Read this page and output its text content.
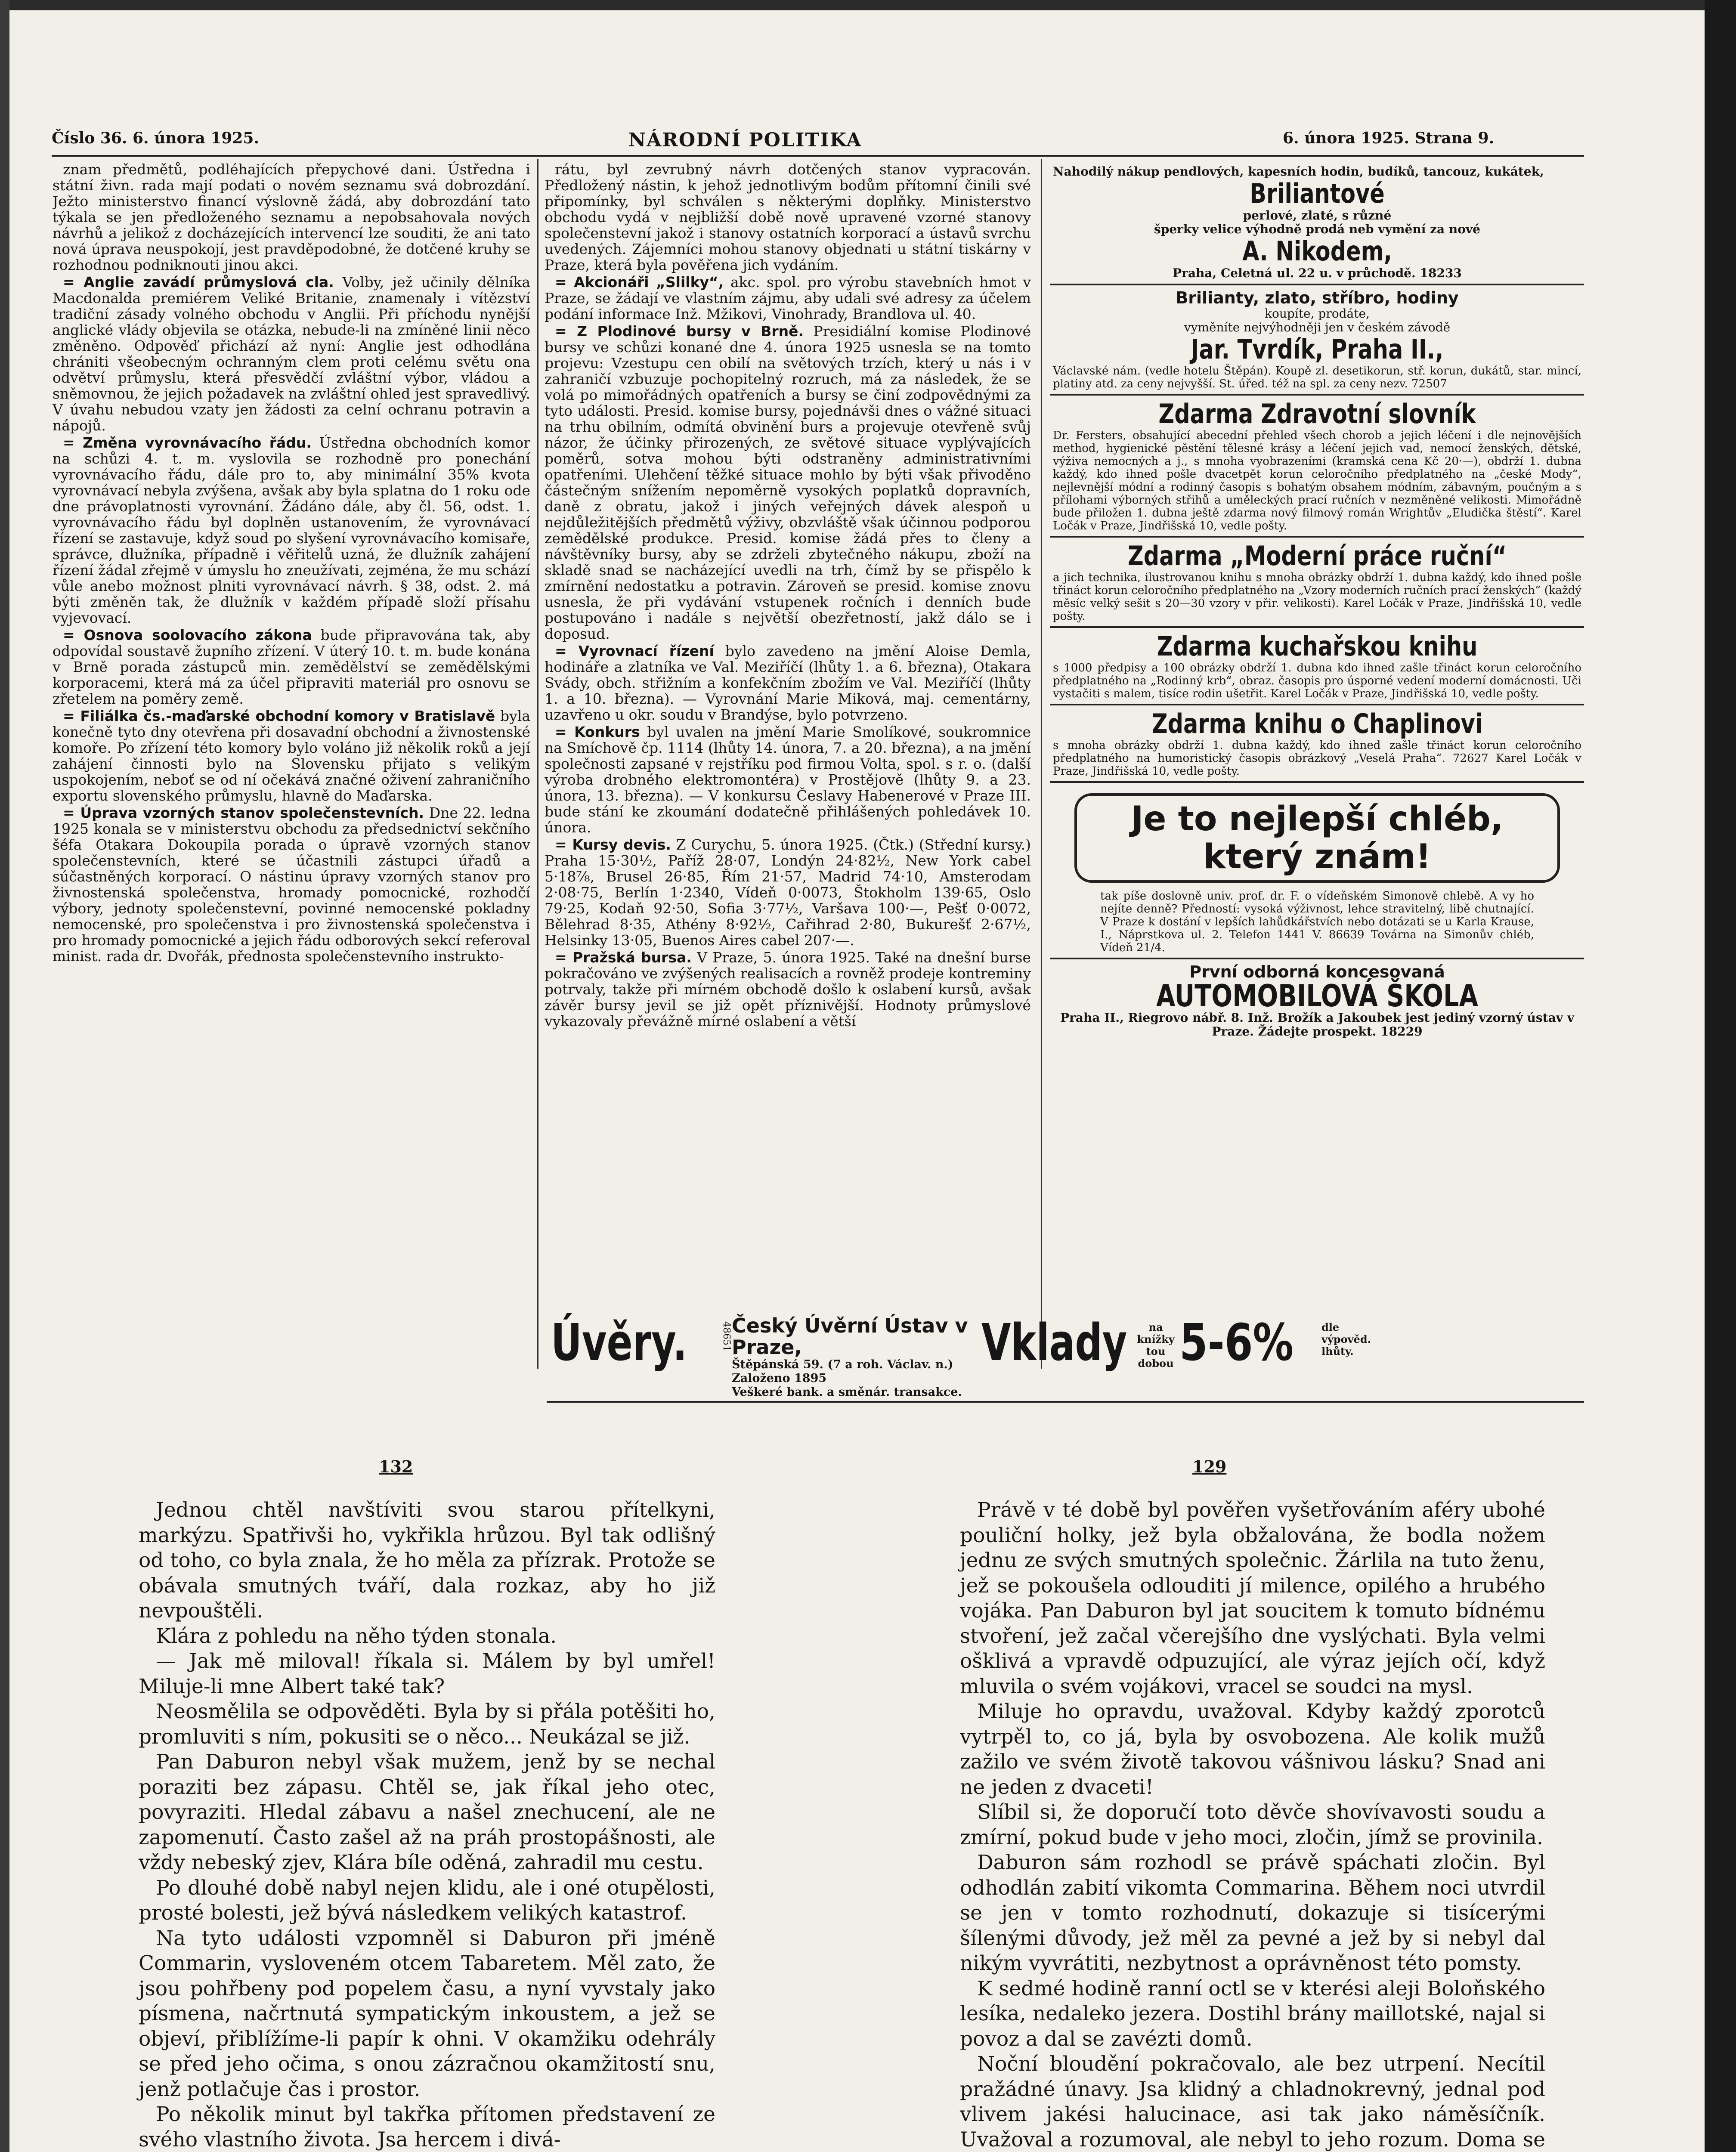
Číslo 36. 6. února 1925.	NÁRODNÍ POLITIKA	6. února 1925. Strana 9.

znam předmětů, podléhajících přepychové dani. Ústředna i státní živn. rada mají podati o novém seznamu svá dobrozdání. Ježto ministerstvo financí výslovně žádá, aby dobrozdání tato týkala se jen předloženého seznamu a nepobsahovala nových návrhů a jelikož z docházejících intervencí lze souditi, že ani tato nová úprava neuspokojí, jest pravděpodobné, že dotčené kruhy se rozhodnou podniknouti jinou akci.

= Anglie zavádí průmyslová cla. Volby, jež učinily dělníka Macdonalda premiérem Veliké Britanie, znamenaly i vítězství tradiční zásady volného obchodu v Anglii. Při příchodu nynější anglické vlády objevila se otázka, nebude-li na zmíněné linii něco změněno. Odpověď přichází až nyní: Anglie jest odhodlána chrániti všeobecným ochranným clem proti celému světu ona odvětví průmyslu, která přesvědčí zvláštní výbor, vládou a sněmovnou, že jejich požadavek na zvláštní ohled jest spravedlivý. V úvahu nebudou vzaty jen žádosti za celní ochranu potravin a nápojů.

= Změna vyrovnávacího řádu. Ústředna obchodních komor na schůzi 4. t. m. vyslovila se rozhodně pro ponechání vyrovnávacího řádu, dále pro to, aby minimální 35% kvota vyrovnávací nebyla zvýšena, avšak aby byla splatna do 1 roku ode dne právoplatnosti vyrovnání. Žádáno dále, aby čl. 56, odst. 1. vyrovnávacího řádu byl doplněn ustanovením, že vyrovnávací řízení se zastavuje, když soud po slyšení vyrovnávacího komisaře, správce, dlužníka, případně i věřitelů uzná, že dlužník zahájení řízení žádal zřejmě v úmyslu ho zneužívati, zejména, že mu schází vůle anebo možnost plniti vyrovnávací návrh. § 38, odst. 2. má býti změněn tak, že dlužník v každém případě složí přísahu vyjevovací.

= Osnova soolovacího zákona bude připravována tak, aby odpovídal soustavě župního zřízení. V úterý 10. t. m. bude konána v Brně porada zástupců min. zemědělství se zemědělskými korporacemi, která má za účel připraviti materiál pro osnovu se zřetelem na poměry země.

= Filiálka čs.-maďarské obchodní komory v Bratislavě byla konečně tyto dny otevřena při dosavadní obchodní a živnostenské komoře. Po zřízení této komory bylo voláno již několik roků a její zahájení činnosti bylo na Slovensku přijato s velikým uspokojením, neboť se od ní očekává značné oživení zahraničního exportu slovenského průmyslu, hlavně do Maďarska.

= Úprava vzorných stanov společenstevních. Dne 22. ledna 1925 konala se v ministerstvu obchodu za předsednictví sekčního šéfa Otakara Dokoupila porada o úpravě vzorných stanov společenstevních, které se účastnili zástupci úřadů a súčastněných korporací. O nástinu úpravy vzorných stanov pro živnostenská společenstva, hromady pomocnické, rozhodčí výbory, jednoty společenstevní, povinné nemocenské pokladny nemocenské, pro společenstva i pro živnostenská společenstva i pro hromady pomocnické a jejich řádu odborových sekcí referoval minist. rada dr. Dvořák, přednosta společenstevního instrukto-

rátu, byl zevrubný návrh dotčených stanov vypracován. Předložený nástin, k jehož jednotlivým bodům přítomní činili své připomínky, byl schválen s některými doplňky. Ministerstvo obchodu vydá v nejbližší době nově upravené vzorné stanovy společenstevní jakož i stanovy ostatních korporací a ústavů svrchu uvedených. Zájemníci mohou stanovy objednati u státní tiskárny v Praze, která byla pověřena jich vydáním.

= Akcionáři „Slilky“, akc. spol. pro výrobu stavebních hmot v Praze, se žádají ve vlastním zájmu, aby udali své adresy za účelem podání informace Inž. Mžikovi, Vinohrady, Brandlova ul. 40.

= Z Plodinové bursy v Brně. Presidiální komise Plodinové bursy ve schůzi konané dne 4. února 1925 usnesla se na tomto projevu: Vzestupu cen obilí na světových trzích, který u nás i v zahraničí vzbuzuje pochopitelný rozruch, má za následek, že se volá po mimořádných opatřeních a bursy se činí zodpovědnými za tyto události. Presid. komise bursy, pojednávši dnes o vážné situaci na trhu obilním, odmítá obvinění burs a projevuje otevřeně svůj názor, že účinky přirozených, ze světové situace vyplývajících poměrů, sotva mohou býti odstraněny administrativními opatřeními. Ulehčení těžké situace mohlo by býti však přivoděno částečným snížením nepoměrně vysokých poplatků dopravních, daně z obratu, jakož i jiných veřejných dávek alespoň u nejdůležitějších předmětů výživy, obzvláště však účinnou podporou zemědělské produkce. Presid. komise žádá přes to členy a návštěvníky bursy, aby se zdrželi zbytečného nákupu, zboží na skladě snad se nacházející uvedli na trh, čímž by se přispělo k zmírnění nedostatku a potravin. Zároveň se presid. komise znovu usnesla, že při vydávání vstupenek ročních i denních bude postupováno i nadále s největší obezřetností, jakž dálo se i doposud.

= Vyrovnací řízení bylo zavedeno na jmění Aloise Demla, hodináře a zlatníka ve Val. Meziříčí (lhůty 1. a 6. března), Otakara Svády, obch. střižním a konfekčním zbožím ve Val. Meziříčí (lhůty 1. a 10. března). — Vyrovnání Marie Miková, maj. cementárny, uzavřeno u okr. soudu v Brandýse, bylo potvrzeno.

= Konkurs byl uvalen na jmění Marie Smolíkové, soukromnice na Smíchově čp. 1114 (lhůty 14. února, 7. a 20. března), a na jmění společnosti zapsané v rejstříku pod firmou Volta, spol. s r. o. (další výroba drobného elektromontéra) v Prostějově (lhůty 9. a 23. února, 13. března). — V konkursu Česlavy Habenerové v Praze III. bude stání ke zkoumání dodatečně přihlášených pohledávek 10. února.

= Kursy devis. Z Curychu, 5. února 1925. (Čtk.) (Střední kursy.) Praha 15·30½, Paříž 28·07, Londýn 24·82½, New York cabel 5·18⅞, Brusel 26·85, Řím 21·57, Madrid 74·10, Amsterodam 2·08·75, Berlín 1·2340, Vídeň 0·0073, Štokholm 139·65, Oslo 79·25, Kodaň 92·50, Sofia 3·77½, Varšava 100·—, Pešť 0·0072, Bělehrad 8·35, Athény 8·92½, Cařihrad 2·80, Bukurešť 2·67½, Helsinky 13·05, Buenos Aires cabel 207·—.

= Pražská bursa. V Praze, 5. února 1925. Také na dnešní burse pokračováno ve zvýšených realisacích a rovněž prodeje kontreminy potrvaly, takže při mírném obchodě došlo k oslabení kursů, avšak závěr bursy jevil se již opět příznivější. Hodnoty průmyslové vykazovaly převážně mírné oslabení a větší

Nahodilý nákup pendlových, kapesních hodin, budíků, tancouz, kukátek,
Briliantové
perlové, zlaté, s různé
šperky velice výhodně prodá neb vymění za nové
A. Nikodem,
Praha, Celetná ul. 22 u. v průchodě. 18233
Brilianty, zlato, stříbro, hodiny
koupíte, prodáte,
vyměníte nejvýhodněji jen v českém závodě
Jar. Tvrdík, Praha II.,
Václavské nám. (vedle hotelu Štěpán). Koupě zl. desetikorun, stř. korun, dukátů, star. mincí, platiny atd. za ceny nejvyšší. St. úřed. též na spl. za ceny nezv. 72507
Zdarma Zdravotní slovník
Dr. Fersters, obsahující abecední přehled všech chorob a jejich léčení i dle nejnovějších method, hygienické pěstění tělesné krásy a léčení jejich vad, nemocí ženských, dětské, výživa nemocných a j., s mnoha vyobrazeními (kramská cena Kč 20·—), obdrží 1. dubna každý, kdo ihned pošle dvacetpět korun celoročního předplatného na „české Mody“, nejlevnější módní a rodinný časopis s bohatým obsahem módním, zábavným, poučným a s přílohami výborných střihů a uměleckých prací ručních v nezměněné velikosti. Mimořádně bude přiložen 1. dubna ještě zdarma nový filmový román Wrightův „Eludička štěstí“. Karel Ločák v Praze, Jindřišská 10, vedle pošty.
Zdarma „Moderní práce ruční“
a jich technika, ilustrovanou knihu s mnoha obrázky obdrží 1. dubna každý, kdo ihned pošle třináct korun celoročního předplatného na „Vzory moderních ručních prací ženských“ (každý měsíc velký sešit s 20—30 vzory v přir. velikosti). Karel Ločák v Praze, Jindřišská 10, vedle pošty.
Zdarma kuchařskou knihu
s 1000 předpisy a 100 obrázky obdrží 1. dubna kdo ihned zašle třináct korun celoročního předplatného na „Rodinný krb“, obraz. časopis pro úsporné vedení moderní domácnosti. Uči vystačiti s malem, tisíce rodin ušetřit. Karel Ločák v Praze, Jindřišská 10, vedle pošty.
Zdarma knihu o Chaplinovi
s mnoha obrázky obdrží 1. dubna každý, kdo ihned zašle třináct korun celoročního předplatného na humoristický časopis obrázkový „Veselá Praha“. 72627 Karel Ločák v Praze, Jindřišská 10, vedle pošty.
Je to nejlepší chléb, který znám!
tak píše doslovně univ. prof. dr. F. o vídeňském Simonově chlebě. A vy ho nejíte denně? Předností: vysoká výživnost, lehce stravitelný, libě chutnající. V Praze k dostání v lepších lahůdkářstvích nebo dotázati se u Karla Krause, I., Náprstkova ul. 2. Telefon 1441 V. 86639 Továrna na Simonův chléb, Vídeň 21/4.
První odborná koncesovaná
AUTOMOBILOVÁ ŠKOLA
Praha II., Riegrovo nábř. 8. Inž. Brožík a Jakoubek jest jediný vzorný ústav v Praze. Žádejte prospekt. 18229
Úvěry.	48651 Český Úvěrní Ústav v Praze,
Štěpánská 59. (7 a roh. Václav. n.) Založeno 1895
Veškeré bank. a směnár. transakce.
Vklady	na knížky tou dobou 5-6%	dle výpověd. lhůty.
132	129

Jednou chtěl navštíviti svou starou přítelkyni, markýzu. Spatřivši ho, vykřikla hrůzou. Byl tak odlišný od toho, co byla znala, že ho měla za přízrak. Protože se obávala smutných tváří, dala rozkaz, aby ho již nevpouštěli.

Klára z pohledu na něho týden stonala.

— Jak mě miloval! říkala si. Málem by byl umřel! Miluje-li mne Albert také tak?

Neosmělila se odpověděti. Byla by si přála potěšiti ho, promluviti s ním, pokusiti se o něco... Neukázal se již.

Pan Daburon nebyl však mužem, jenž by se nechal poraziti bez zápasu. Chtěl se, jak říkal jeho otec, povyraziti. Hledal zábavu a našel znechucení, ale ne zapomenutí. Často zašel až na práh prostopášnosti, ale vždy nebeský zjev, Klára bíle oděná, zahradil mu cestu.

Po dlouhé době nabyl nejen klidu, ale i oné otupělosti, prosté bolesti, jež bývá následkem velikých katastrof.

Na tyto události vzpomněl si Daburon při jméně Commarin, vysloveném otcem Tabaretem. Měl zato, že jsou pohřbeny pod popelem času, a nyní vyvstaly jako písmena, načrtnutá sympatickým inkoustem, a jež se objeví, přiblížíme-li papír k ohni. V okamžiku odehrály se před jeho očima, s onou zázračnou okamžitostí snu, jenž potlačuje čas i prostor.

Po několik minut byl takřka přítomen představení ze svého vlastního života. Jsa hercem i divá-

Právě v té době byl pověřen vyšetřováním aféry ubohé pouliční holky, jež byla obžalována, že bodla nožem jednu ze svých smutných společnic. Žárlila na tuto ženu, jež se pokoušela odlouditi jí milence, opilého a hrubého vojáka. Pan Daburon byl jat soucitem k tomuto bídnému stvoření, jež začal včerejšího dne vyslýchati. Byla velmi ošklivá a vpravdě odpuzující, ale výraz jejích očí, když mluvila o svém vojákovi, vracel se soudci na mysl.

Miluje ho opravdu, uvažoval. Kdyby každý zporotců vytrpěl to, co já, byla by osvobozena. Ale kolik mužů zažilo ve svém životě takovou vášnivou lásku? Snad ani ne jeden z dvaceti!

Slíbil si, že doporučí toto děvče shovívavosti soudu a zmírní, pokud bude v jeho moci, zločin, jímž se provinila.

Daburon sám rozhodl se právě spáchati zločin. Byl odhodlán zabití vikomta Commarina. Během noci utvrdil se jen v tomto rozhodnutí, dokazuje si tisícerými šílenými důvody, jež měl za pevné a jež by si nebyl dal nikým vyvrátiti, nezbytnost a oprávněnost této pomsty.

K sedmé hodině ranní octl se v kterési aleji Boloňského lesíka, nedaleko jezera. Dostihl brány maillotské, najal si povoz a dal se zavézti domů.

Noční bloudění pokračovalo, ale bez utrpení. Necítil pražádné únavy. Jsa klidný a chladnokrevný, jednal pod vlivem jakési halucinace, asi tak jako náměsíčník. Uvažoval a rozumoval, ale nebyl to jeho rozum. Doma se
